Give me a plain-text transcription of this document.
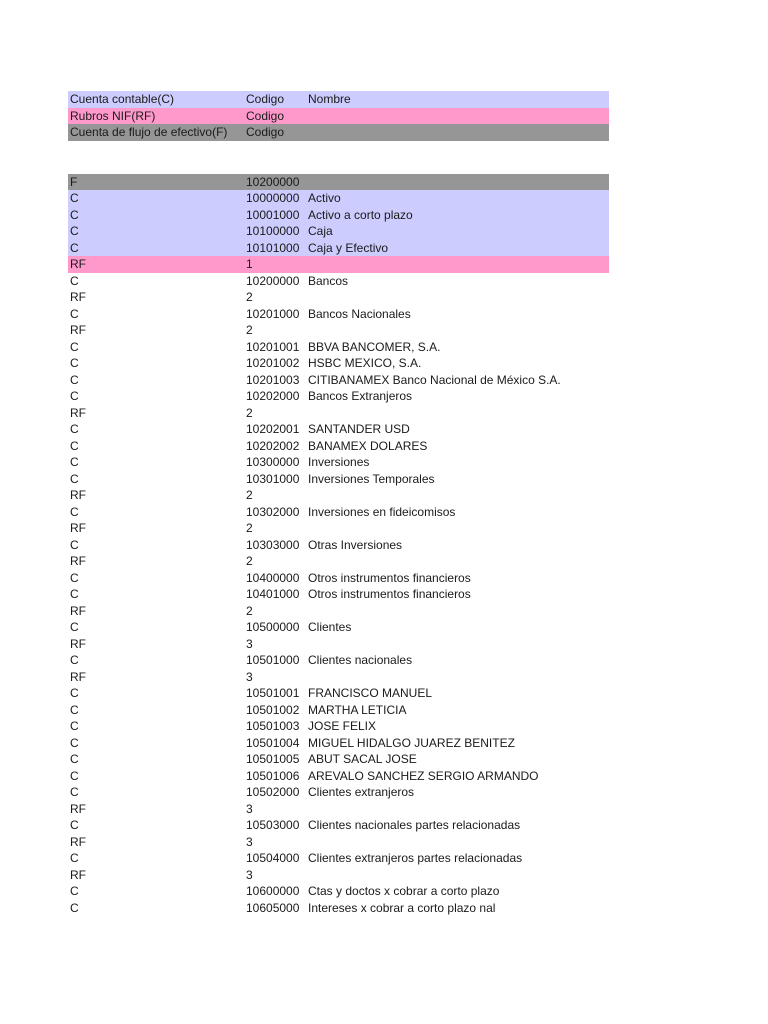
Cuenta contable(C)	Codigo Nombre
Rubros NIF(RF)	Codigo
Cuenta de flujo de efectivo(F) Codigo
F	10200000
C	10000000 Activo
C	10001000 Activo a corto plazo
C	10100000 Caja
C	10101000 Caja y Efectivo
RF	1
C	10200000 Bancos
RF	2
C	10201000 Bancos Nacionales
RF	2
C	10201001 BBVA BANCOMER, S.A.
C	10201002 HSBC MEXICO, S.A.
C	10201003 CITIBANAMEX Banco Nacional de México S.A.
C	10202000 Bancos Extranjeros
RF	2
C	10202001 SANTANDER USD
C	10202002 BANAMEX DOLARES
C	10300000 Inversiones
C	10301000 Inversiones Temporales
RF	2
C	10302000 Inversiones en fideicomisos
RF	2
C	10303000 Otras Inversiones
RF	2
C	10400000 Otros instrumentos financieros
C	10401000 Otros instrumentos financieros
RF	2
C	10500000 Clientes
RF	3
C	10501000 Clientes nacionales
RF	3
C	10501001 FRANCISCO MANUEL
C	10501002 MARTHA LETICIA
C	10501003 JOSE FELIX
C	10501004 MIGUEL HIDALGO JUAREZ BENITEZ
C	10501005 ABUT SACAL JOSE
C	10501006 AREVALO SANCHEZ SERGIO ARMANDO
C	10502000 Clientes extranjeros
RF	3
C	10503000 Clientes nacionales partes relacionadas
RF	3
C	10504000 Clientes extranjeros partes relacionadas
RF	3
C	10600000 Ctas y doctos x cobrar a corto plazo
C	10605000 Intereses x cobrar a corto plazo nal
